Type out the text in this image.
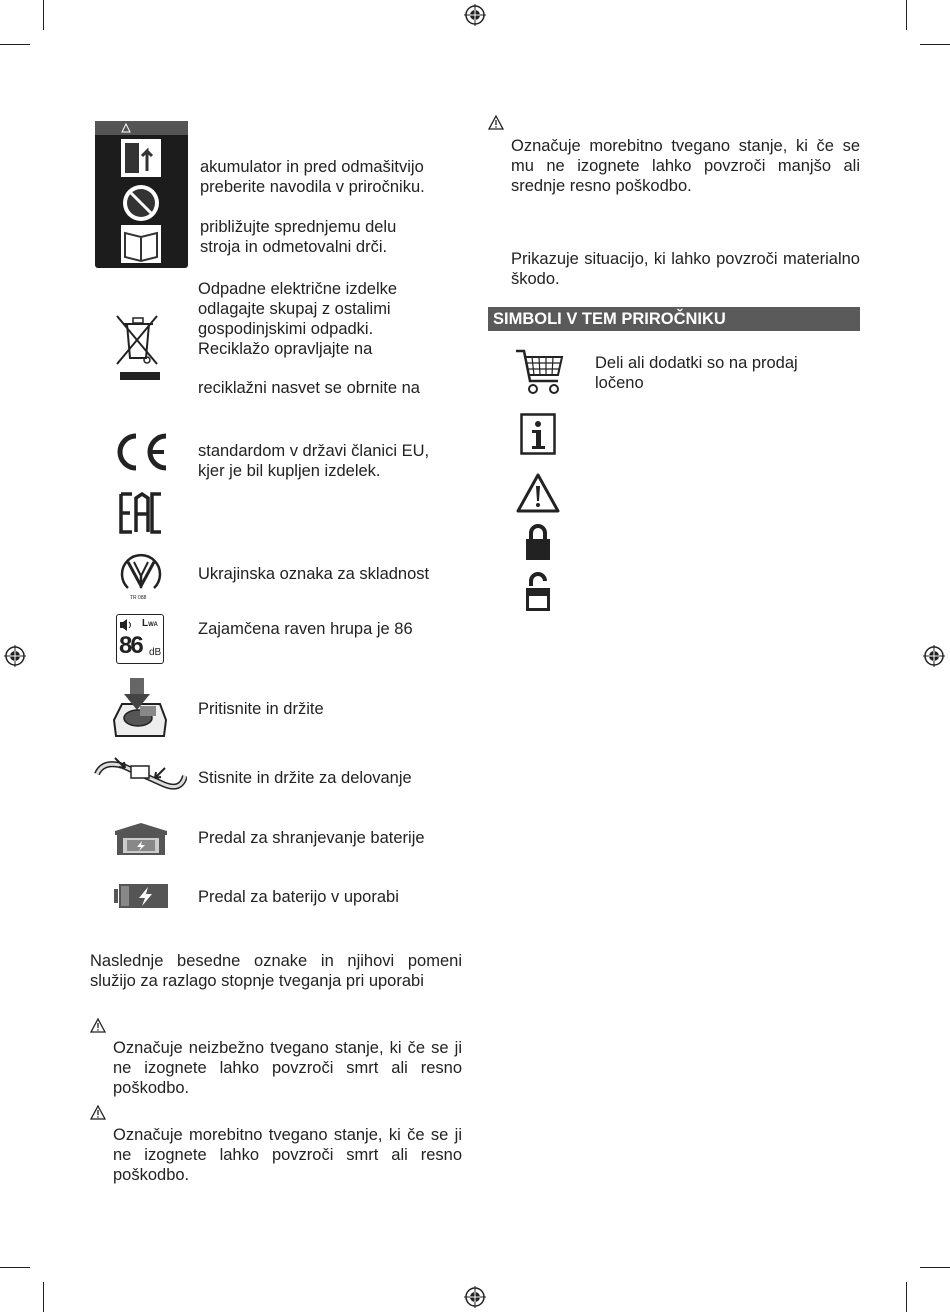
akumulator in pred odmašitvijo
preberite navodila v priročniku.
približujte sprednjemu delu
stroja in odmetovalni drči.
Odpadne električne izdelke
odlagajte skupaj z ostalimi
gospodinjskimi odpadki.
Reciklažo opravljajte na
reciklažni nasvet se obrnite na
standardom v državi članici EU,
kjer je bil kupljen izdelek.
TR 088
Ukrajinska oznaka za skladnost
LWA
86 dB
Zajamčena raven hrupa je 86
Pritisnite in držite
Stisnite in držite za delovanje
Predal za shranjevanje baterije
Predal za baterijo v uporabi
Naslednje besedne oznake in njihovi pomeni služijo za razlago stopnje tveganja pri uporabi
Označuje neizbežno tvegano stanje, ki če se ji ne izognete lahko povzroči smrt ali resno poškodbo.
Označuje morebitno tvegano stanje, ki če se ji ne izognete lahko povzroči smrt ali resno poškodbo.
Označuje morebitno tvegano stanje, ki če se mu ne izognete lahko povzroči manjšo ali srednje resno poškodbo.
Prikazuje situacijo, ki lahko povzroči materialno škodo.
SIMBOLI V TEM PRIROČNIKU
Deli ali dodatki so na prodaj ločeno
